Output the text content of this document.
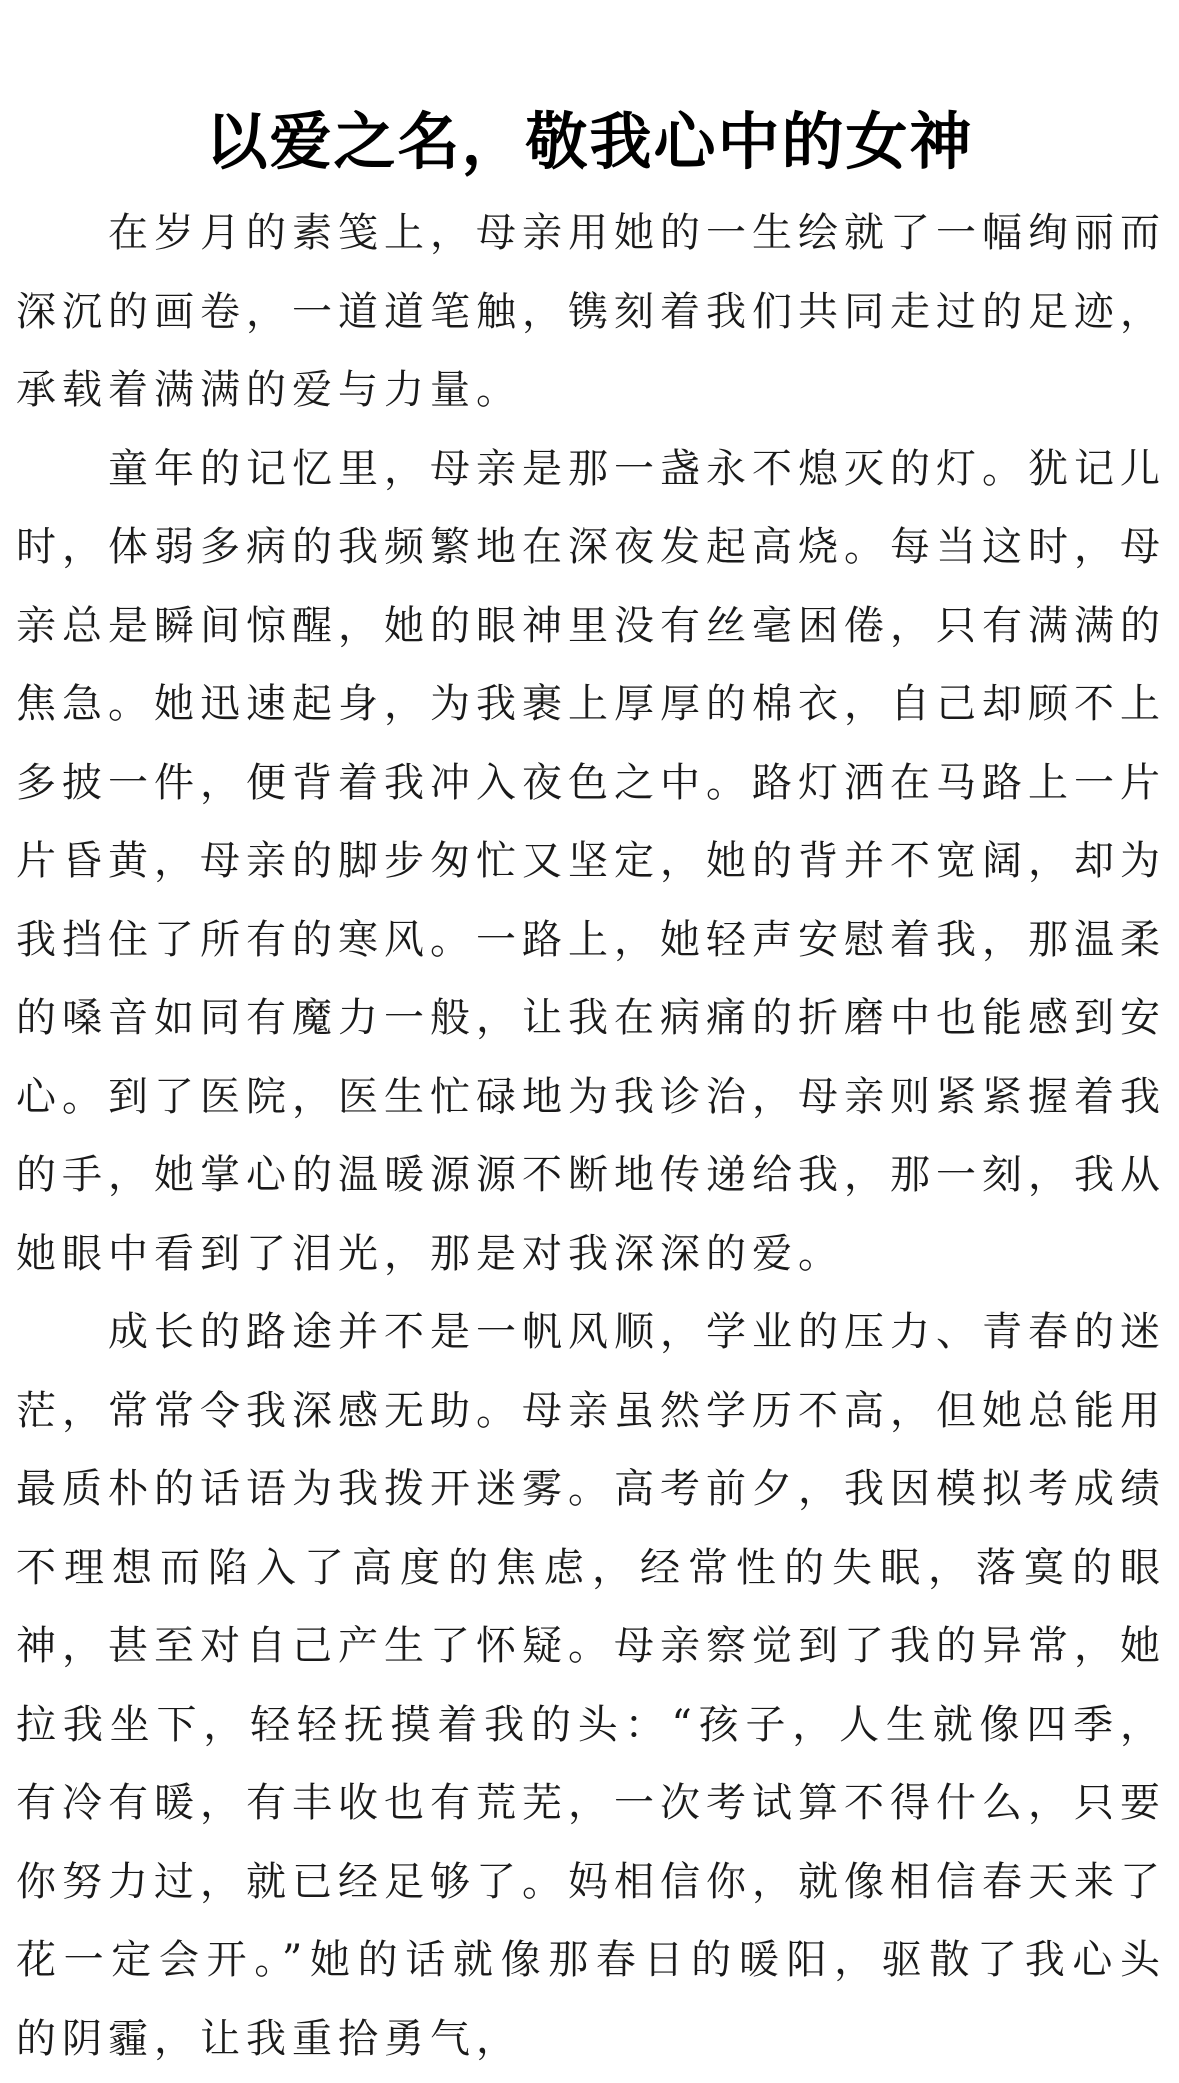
以爱之名，敬我心中的女神

在岁月的素笺上，母亲用她的一生绘就了一幅绚丽而深沉的画卷，一道道笔触，镌刻着我们共同走过的足迹，承载着满满的爱与力量。

童年的记忆里，母亲是那一盏永不熄灭的灯。犹记儿时，体弱多病的我频繁地在深夜发起高烧。每当这时，母亲总是瞬间惊醒，她的眼神里没有丝毫困倦，只有满满的焦急。她迅速起身，为我裹上厚厚的棉衣，自己却顾不上多披一件，便背着我冲入夜色之中。路灯洒在马路上一片片昏黄，母亲的脚步匆忙又坚定，她的背并不宽阔，却为我挡住了所有的寒风。一路上，她轻声安慰着我，那温柔的嗓音如同有魔力一般，让我在病痛的折磨中也能感到安心。到了医院，医生忙碌地为我诊治，母亲则紧紧握着我的手，她掌心的温暖源源不断地传递给我，那一刻，我从她眼中看到了泪光，那是对我深深的爱。

成长的路途并不是一帆风顺，学业的压力、青春的迷茫，常常令我深感无助。母亲虽然学历不高，但她总能用最质朴的话语为我拨开迷雾。高考前夕，我因模拟考成绩不理想而陷入了高度的焦虑，经常性的失眠，落寞的眼神，甚至对自己产生了怀疑。母亲察觉到了我的异常，她拉我坐下，轻轻抚摸着我的头：“孩子，人生就像四季，有冷有暖，有丰收也有荒芜，一次考试算不得什么，只要你努力过，就已经足够了。妈相信你，就像相信春天来了花一定会开。”她的话就像那春日的暖阳，驱散了我心头的阴霾，让我重拾勇气，
